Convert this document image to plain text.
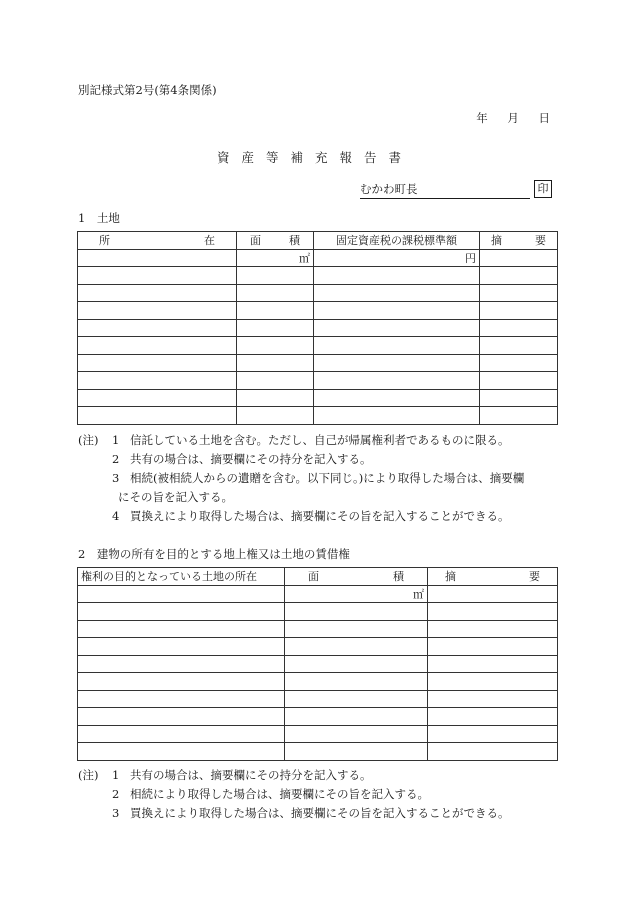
別記様式第2号(第4条関係)
年 月 日
資産等補充報告書
むかわ町長	印
1　土地
所 在	面 積	固定資産税の課税標準額	摘 要

	㎡	円	

(注)	1 信託している土地を含む。ただし、自己が帰属権利者であるものに限る。
2 共有の場合は、摘要欄にその持分を記入する。
3 相続(被相続人からの遺贈を含む。以下同じ。)により取得した場合は、摘要欄
にその旨を記入する。
4 買換えにより取得した場合は、摘要欄にその旨を記入することができる。
2　建物の所有を目的とする地上権又は土地の賃借権
権利の目的となっている土地の所在	面 積	摘 要

	㎡	

(注)	1 共有の場合は、摘要欄にその持分を記入する。
2 相続により取得した場合は、摘要欄にその旨を記入する。
3 買換えにより取得した場合は、摘要欄にその旨を記入することができる。
